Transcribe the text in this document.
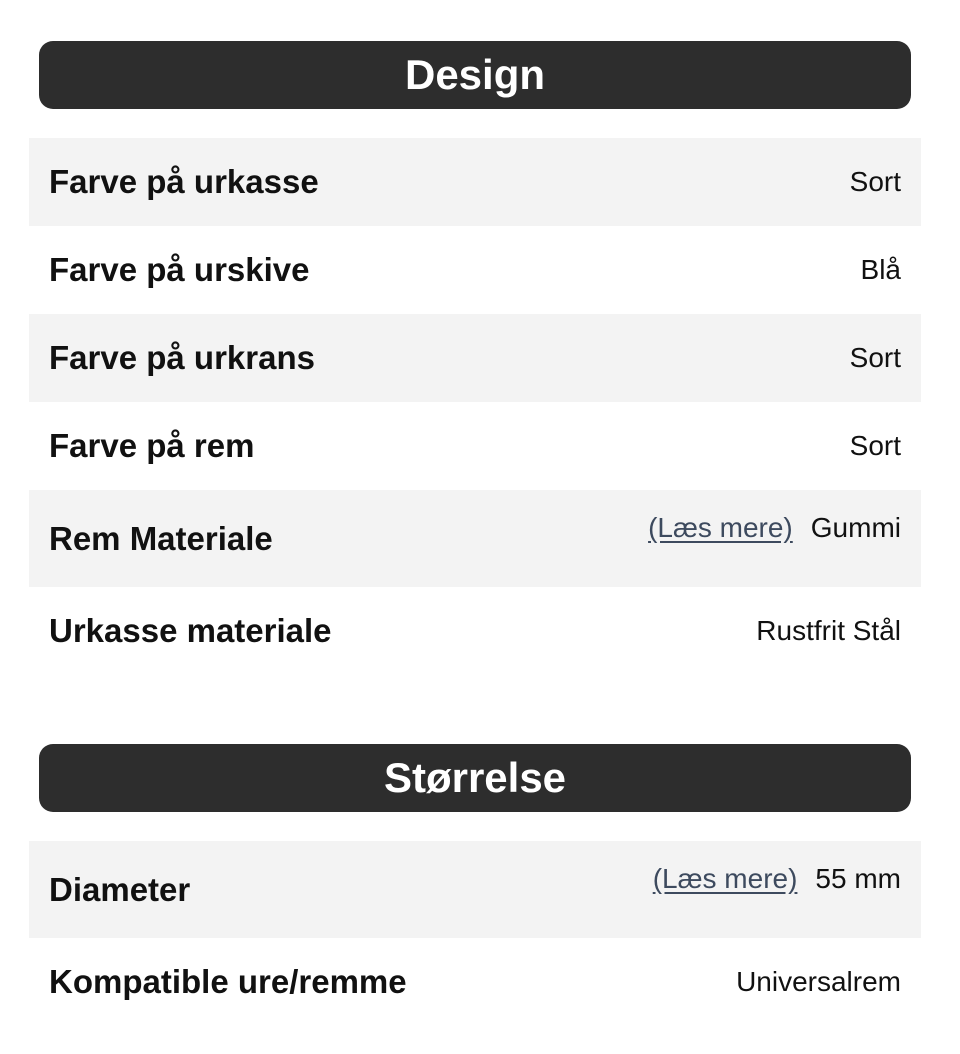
Design
Farve på urkasse	Sort
Farve på urskive	Blå
Farve på urkrans	Sort
Farve på rem	Sort
Rem Materiale	(Læs mere) Gummi
Urkasse materiale	Rustfrit Stål
Størrelse
Diameter	(Læs mere) 55 mm
Kompatible ure/remme	Universalrem
